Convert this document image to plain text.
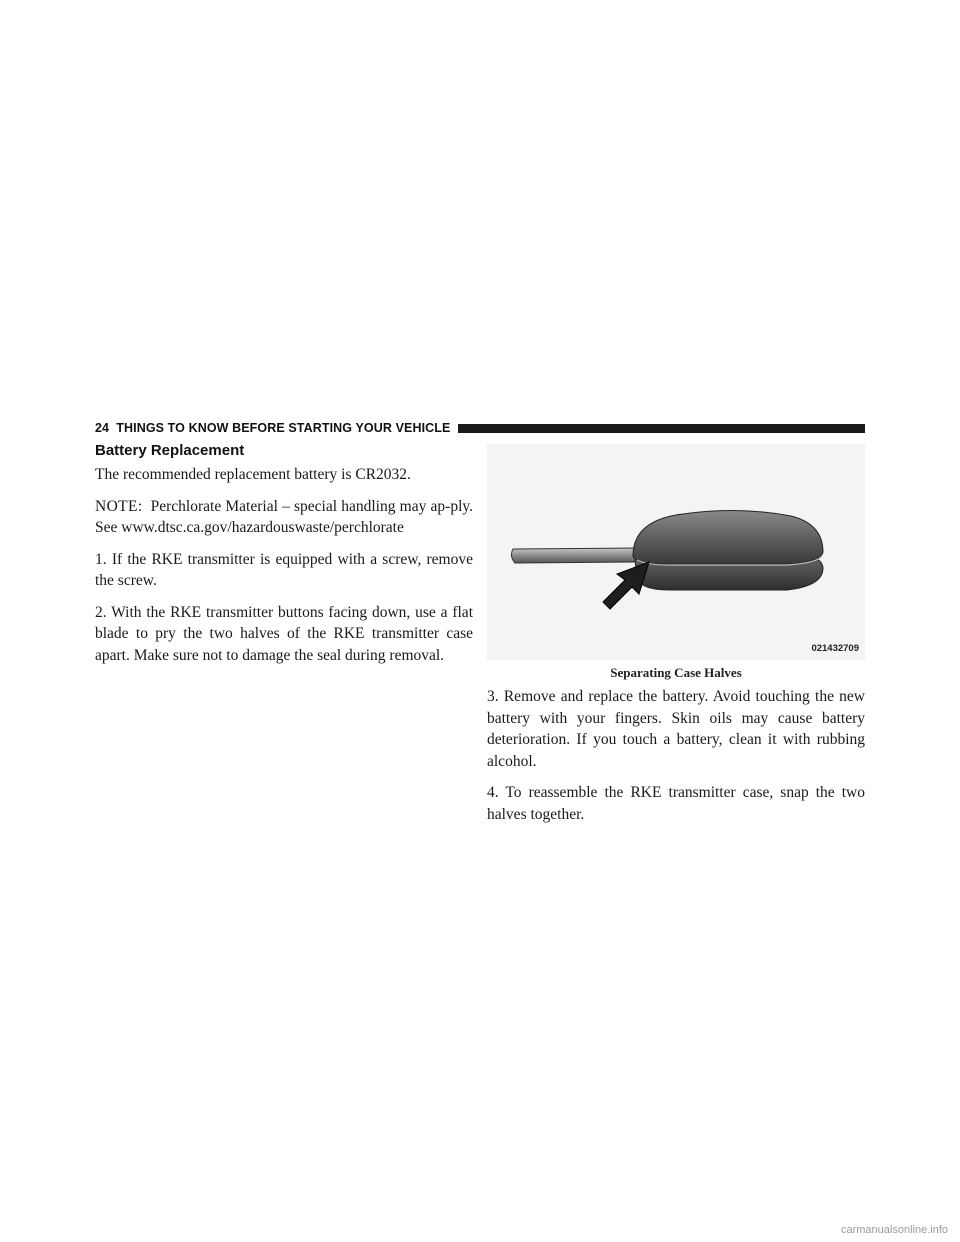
24 THINGS TO KNOW BEFORE STARTING YOUR VEHICLE
Battery Replacement

The recommended replacement battery is CR2032.

NOTE: Perchlorate Material – special handling may ap-ply. See www.dtsc.ca.gov/hazardouswaste/perchlorate

1. If the RKE transmitter is equipped with a screw, remove the screw.

2. With the RKE transmitter buttons facing down, use a flat blade to pry the two halves of the RKE transmitter case apart. Make sure not to damage the seal during removal.	021432709
Separating Case Halves

3. Remove and replace the battery. Avoid touching the new battery with your fingers. Skin oils may cause battery deterioration. If you touch a battery, clean it with rubbing alcohol.

4. To reassemble the RKE transmitter case, snap the two halves together.

carmanualsonline.info
